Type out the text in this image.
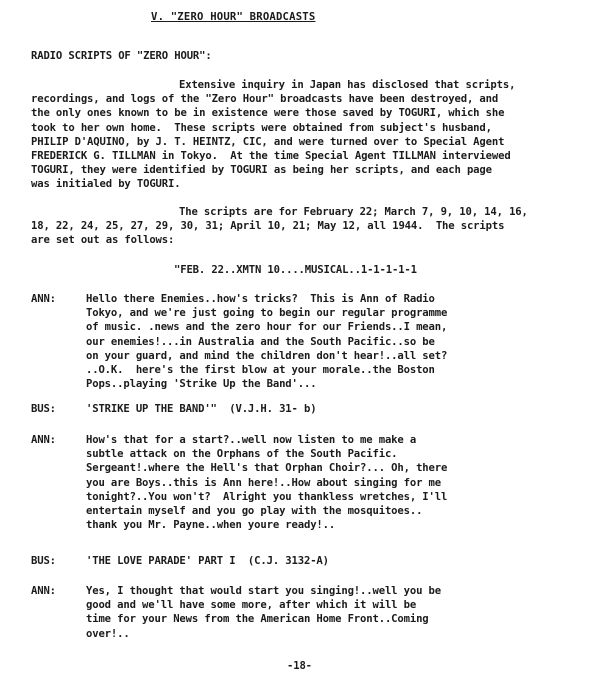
V. "ZERO HOUR" BROADCASTS
RADIO SCRIPTS OF "ZERO HOUR":
Extensive inquiry in Japan has disclosed that scripts,
recordings, and logs of the "Zero Hour" broadcasts have been destroyed, and
the only ones known to be in existence were those saved by TOGURI, which she
took to her own home.  These scripts were obtained from subject's husband,
PHILIP D'AQUINO, by J. T. HEINTZ, CIC, and were turned over to Special Agent
FREDERICK G. TILLMAN in Tokyo.  At the time Special Agent TILLMAN interviewed
TOGURI, they were identified by TOGURI as being her scripts, and each page
was initialed by TOGURI.
The scripts are for February 22; March 7, 9, 10, 14, 16,
18, 22, 24, 25, 27, 29, 30, 31; April 10, 21; May 12, all 1944.  The scripts
are set out as follows:
"FEB. 22..XMTN 10....MUSICAL..1-1-1-1-1
ANN:	Hello there Enemies..how's tricks?  This is Ann of Radio
Tokyo, and we're just going to begin our regular programme
of music. .news and the zero hour for our Friends..I mean,
our enemies!...in Australia and the South Pacific..so be
on your guard, and mind the children don't hear!..all set?
..O.K.  here's the first blow at your morale..the Boston
Pops..playing 'Strike Up the Band'...
BUS:	'STRIKE UP THE BAND'"  (V.J.H. 31- b)
ANN:	How's that for a start?..well now listen to me make a
subtle attack on the Orphans of the South Pacific.
Sergeant!.where the Hell's that Orphan Choir?... Oh, there
you are Boys..this is Ann here!..How about singing for me
tonight?..You won't?  Alright you thankless wretches, I'll
entertain myself and you go play with the mosquitoes..
thank you Mr. Payne..when youre ready!..
BUS:	'THE LOVE PARADE' PART I  (C.J. 3132-A)
ANN:	Yes, I thought that would start you singing!..well you be
good and we'll have some more, after which it will be
time for your News from the American Home Front..Coming
over!..
-18-
